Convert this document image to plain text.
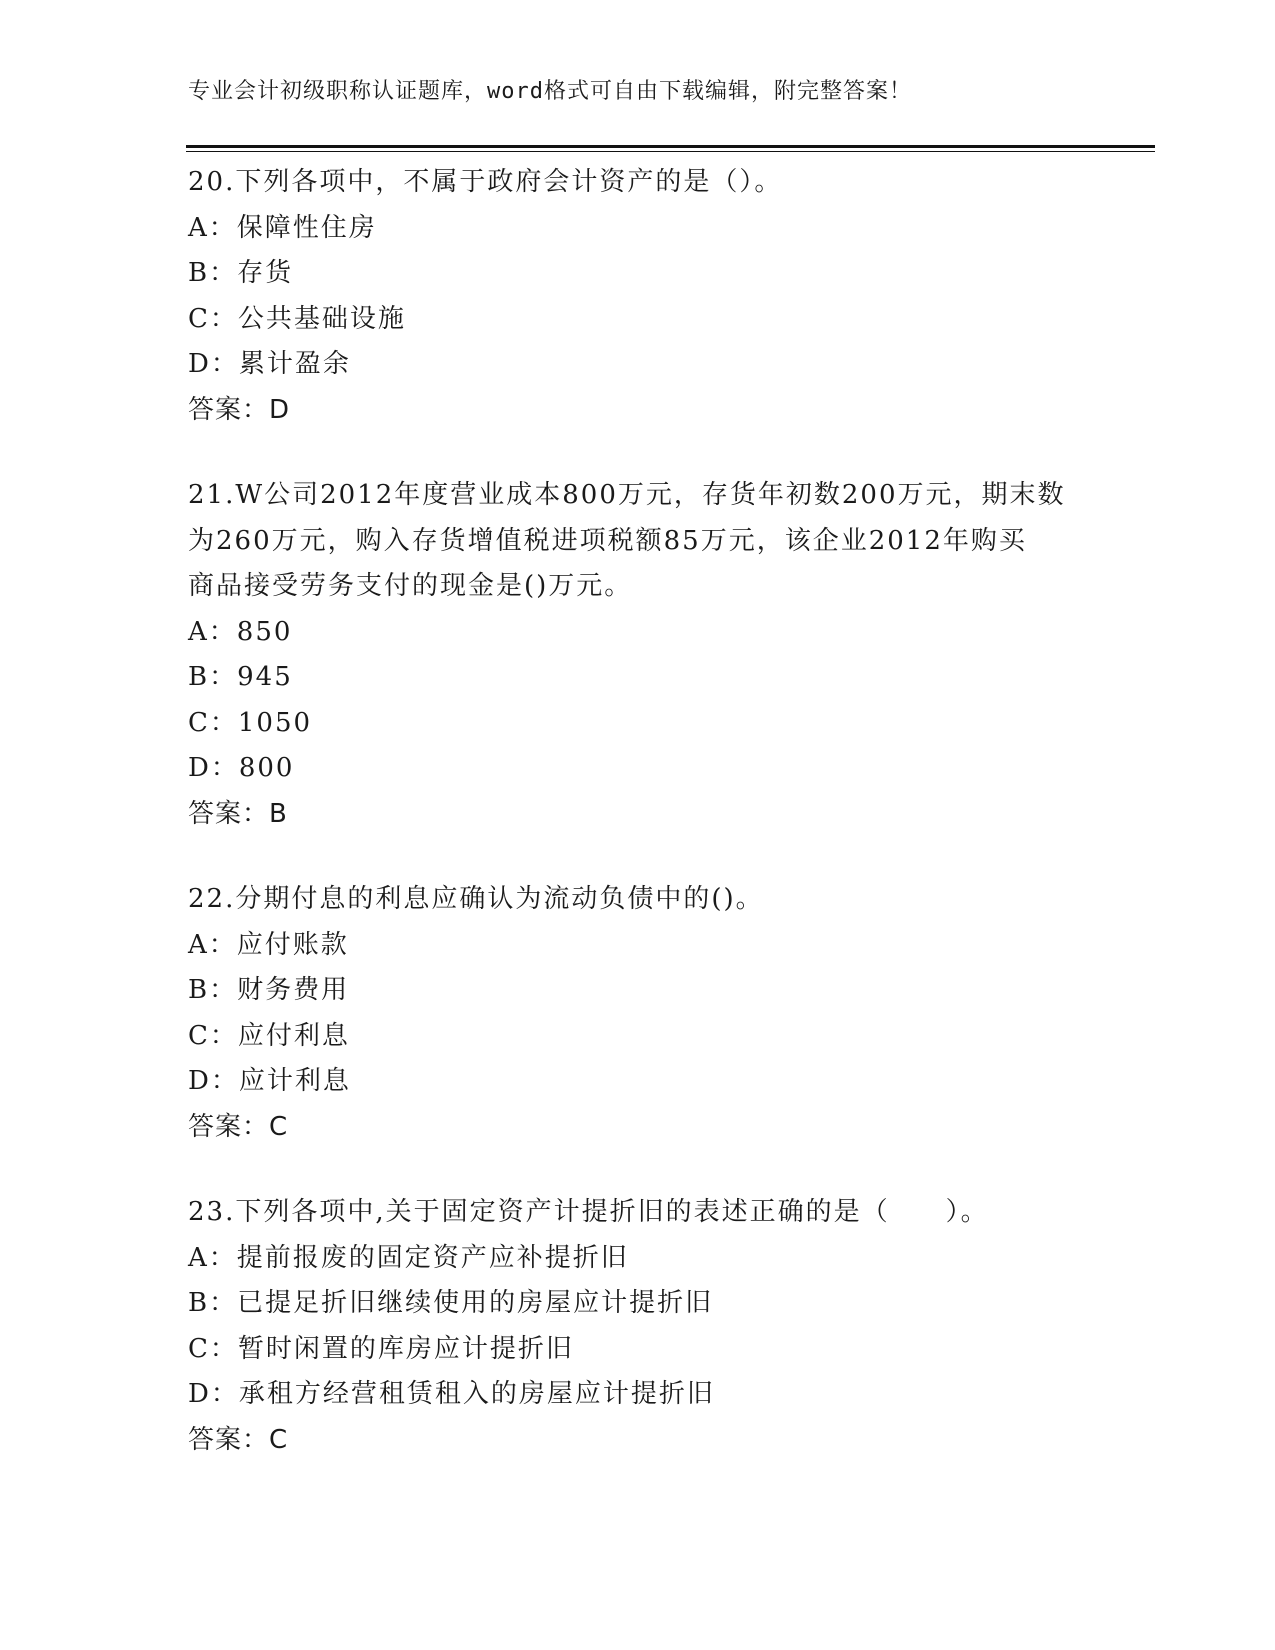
专业会计初级职称认证题库，word格式可自由下载编辑，附完整答案！
20.下列各项中，不属于政府会计资产的是（）。
A：保障性住房
B：存货
C：公共基础设施
D：累计盈余
答案：D
21.W公司2012年度营业成本800万元，存货年初数200万元，期末数
为260万元，购入存货增值税进项税额85万元，该企业2012年购买
商品接受劳务支付的现金是()万元。
A：850
B：945
C：1050
D：800
答案：B
22.分期付息的利息应确认为流动负债中的()。
A：应付账款
B：财务费用
C：应付利息
D：应计利息
答案：C
23.下列各项中,关于固定资产计提折旧的表述正确的是（　　）。
A：提前报废的固定资产应补提折旧
B：已提足折旧继续使用的房屋应计提折旧
C：暂时闲置的库房应计提折旧
D：承租方经营租赁租入的房屋应计提折旧
答案：C
